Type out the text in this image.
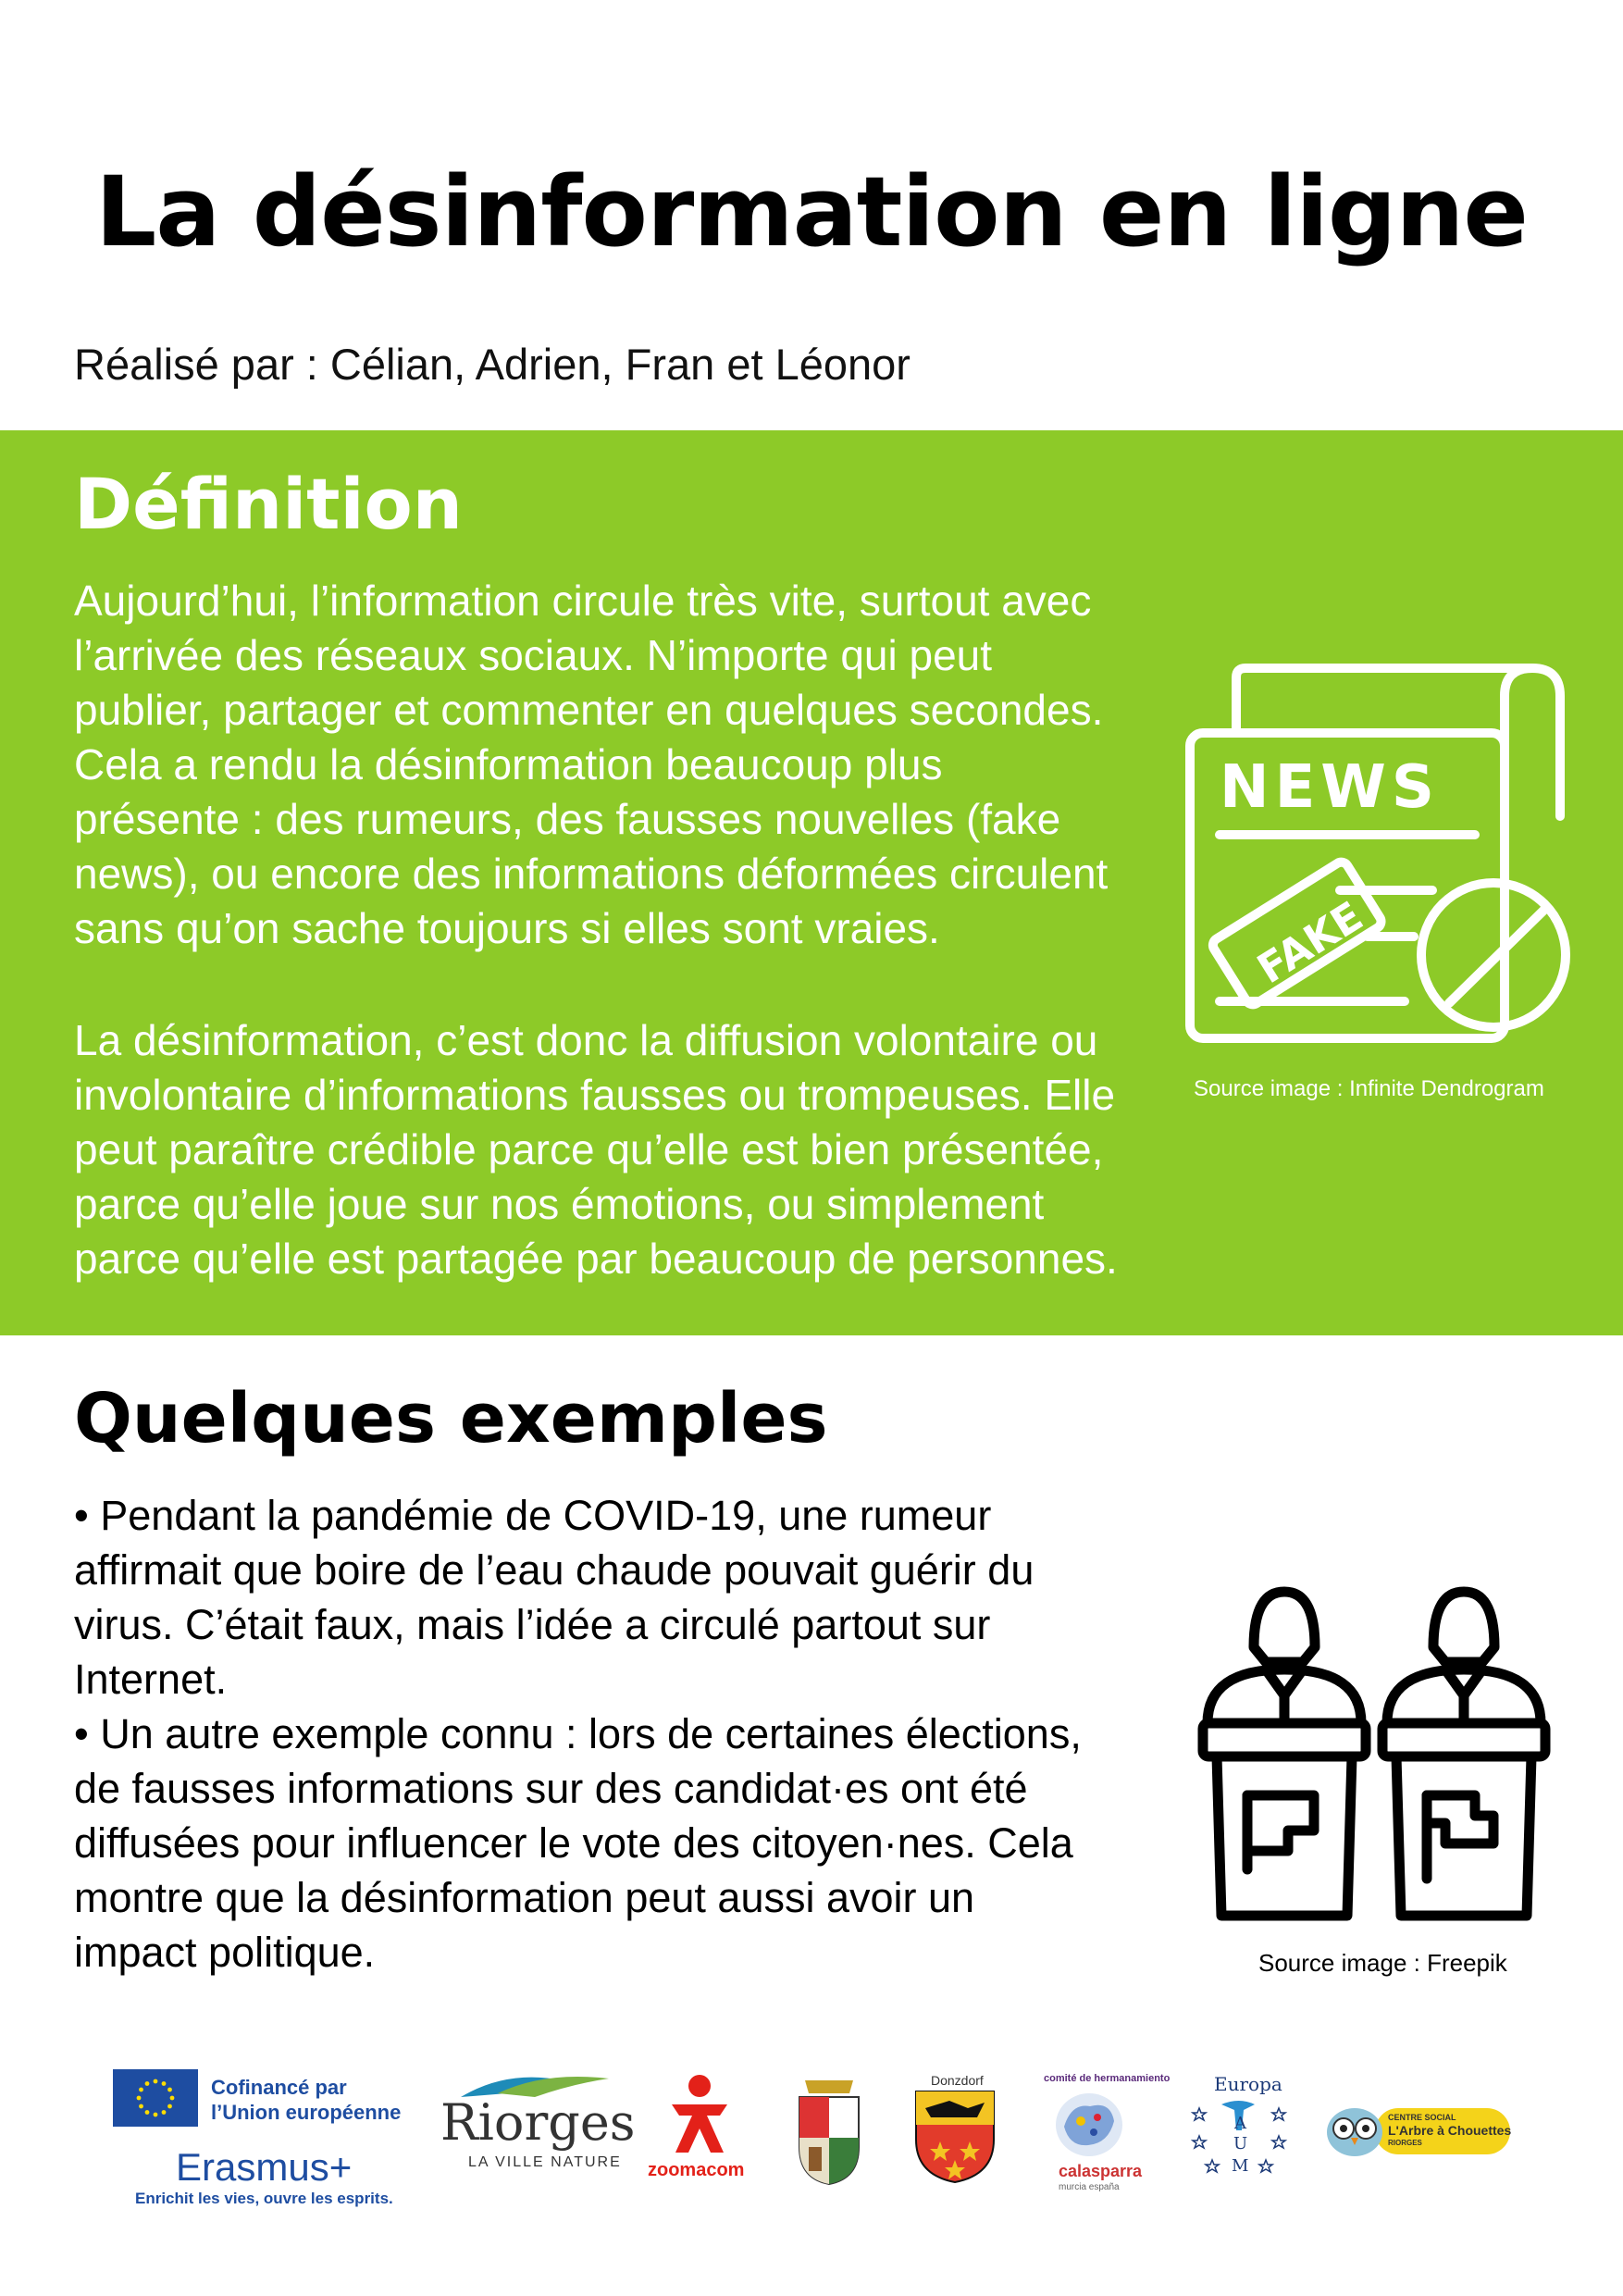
La désinformation en ligne
Réalisé par : Célian, Adrien, Fran et Léonor
Définition
Aujourd’hui, l’information circule très vite, surtout avec
l’arrivée des réseaux sociaux. N’importe qui peut
publier, partager et commenter en quelques secondes.
Cela a rendu la désinformation beaucoup plus
présente : des rumeurs, des fausses nouvelles (fake
news), ou encore des informations déformées circulent
sans qu’on sache toujours si elles sont vraies.
La désinformation, c’est donc la diffusion volontaire ou
involontaire d’informations fausses ou trompeuses. Elle
peut paraître crédible parce qu’elle est bien présentée,
parce qu’elle joue sur nos émotions, ou simplement
parce qu’elle est partagée par beaucoup de personnes.
NEWS
FAKE
Source image : Infinite Dendrogram
Quelques exemples
• Pendant la pandémie de COVID-19, une rumeur
affirmait que boire de l’eau chaude pouvait guérir du
virus. C’était faux, mais l’idée a circulé partout sur
Internet.
• Un autre exemple connu : lors de certaines élections,
de fausses informations sur des candidat·es ont été
diffusées pour influencer le vote des citoyen·nes. Cela
montre que la désinformation peut aussi avoir un
impact politique.	Source image : Freepik
Cofinancé par
l’Union européenne
Erasmus+
Enrichit les vies, ouvre les esprits.
Riorges
LA VILLE NATURE zoomacom
Donzdorf	comité de hermanamiento
calasparra
murcia españa
Europa
A
U
M
CENTRE SOCIAL
L'Arbre à Chouettes
RIORGES
